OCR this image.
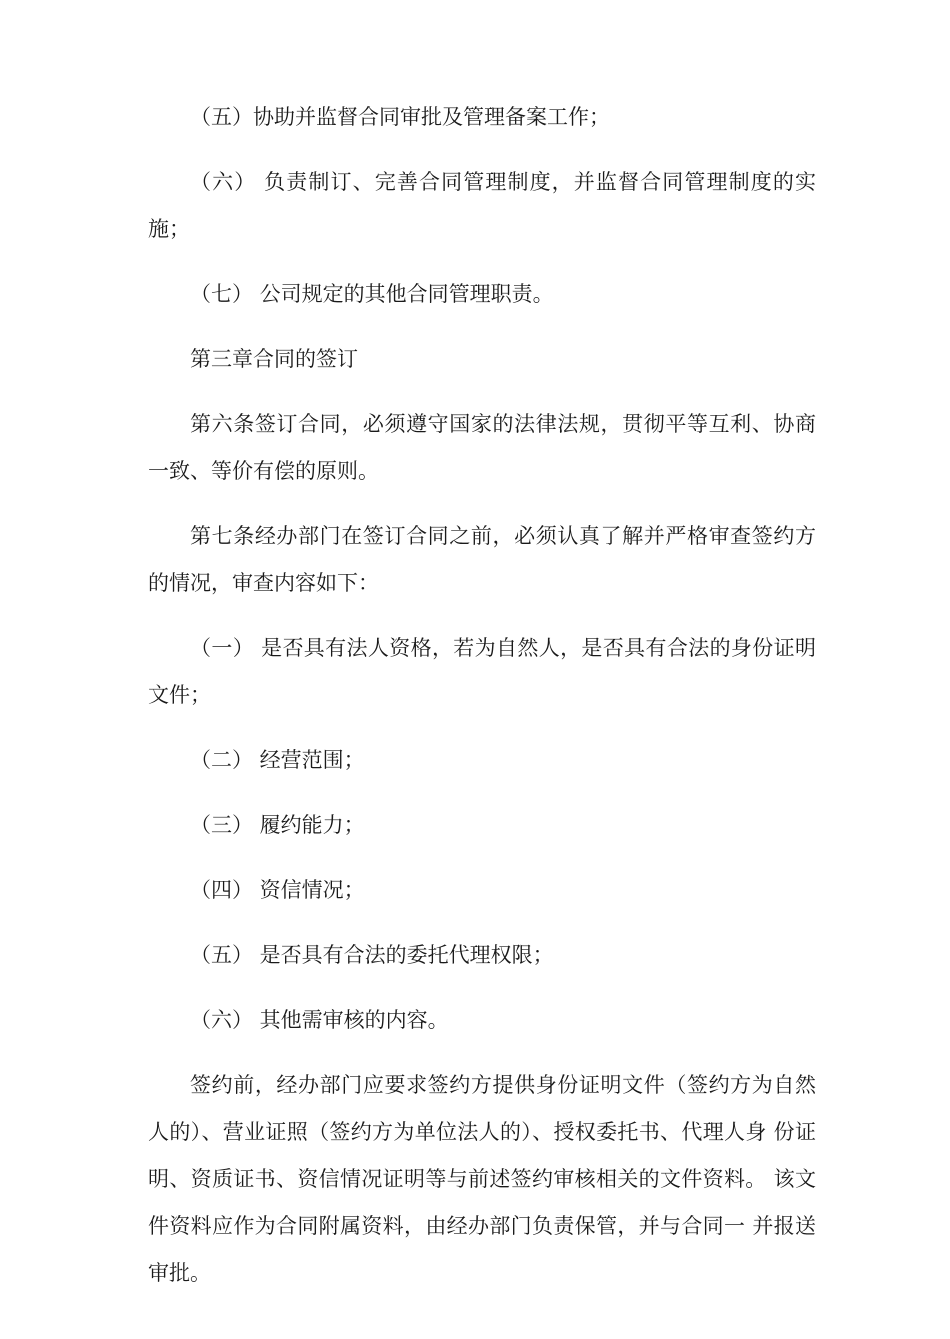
（五）协助并监督合同审批及管理备案工作；

（六） 负责制订、完善合同管理制度，并监督合同管理制度的实施；

（七） 公司规定的其他合同管理职责。

第三章合同的签订

第六条签订合同，必须遵守国家的法律法规，贯彻平等互利、协商一致、等价有偿的原则。

第七条经办部门在签订合同之前，必须认真了解并严格审查签约方的情况，审查内容如下：

（一） 是否具有法人资格，若为自然人，是否具有合法的身份证明文件；

（二） 经营范围；

（三） 履约能力；

（四） 资信情况；

（五） 是否具有合法的委托代理权限；

（六） 其他需审核的内容。

签约前，经办部门应要求签约方提供身份证明文件（签约方为自然人的）、营业证照（签约方为单位法人的）、授权委托书、代理人身 份证明、资质证书、资信情况证明等与前述签约审核相关的文件资料。 该文件资料应作为合同附属资料，由经办部门负责保管，并与合同一 并报送审批。
